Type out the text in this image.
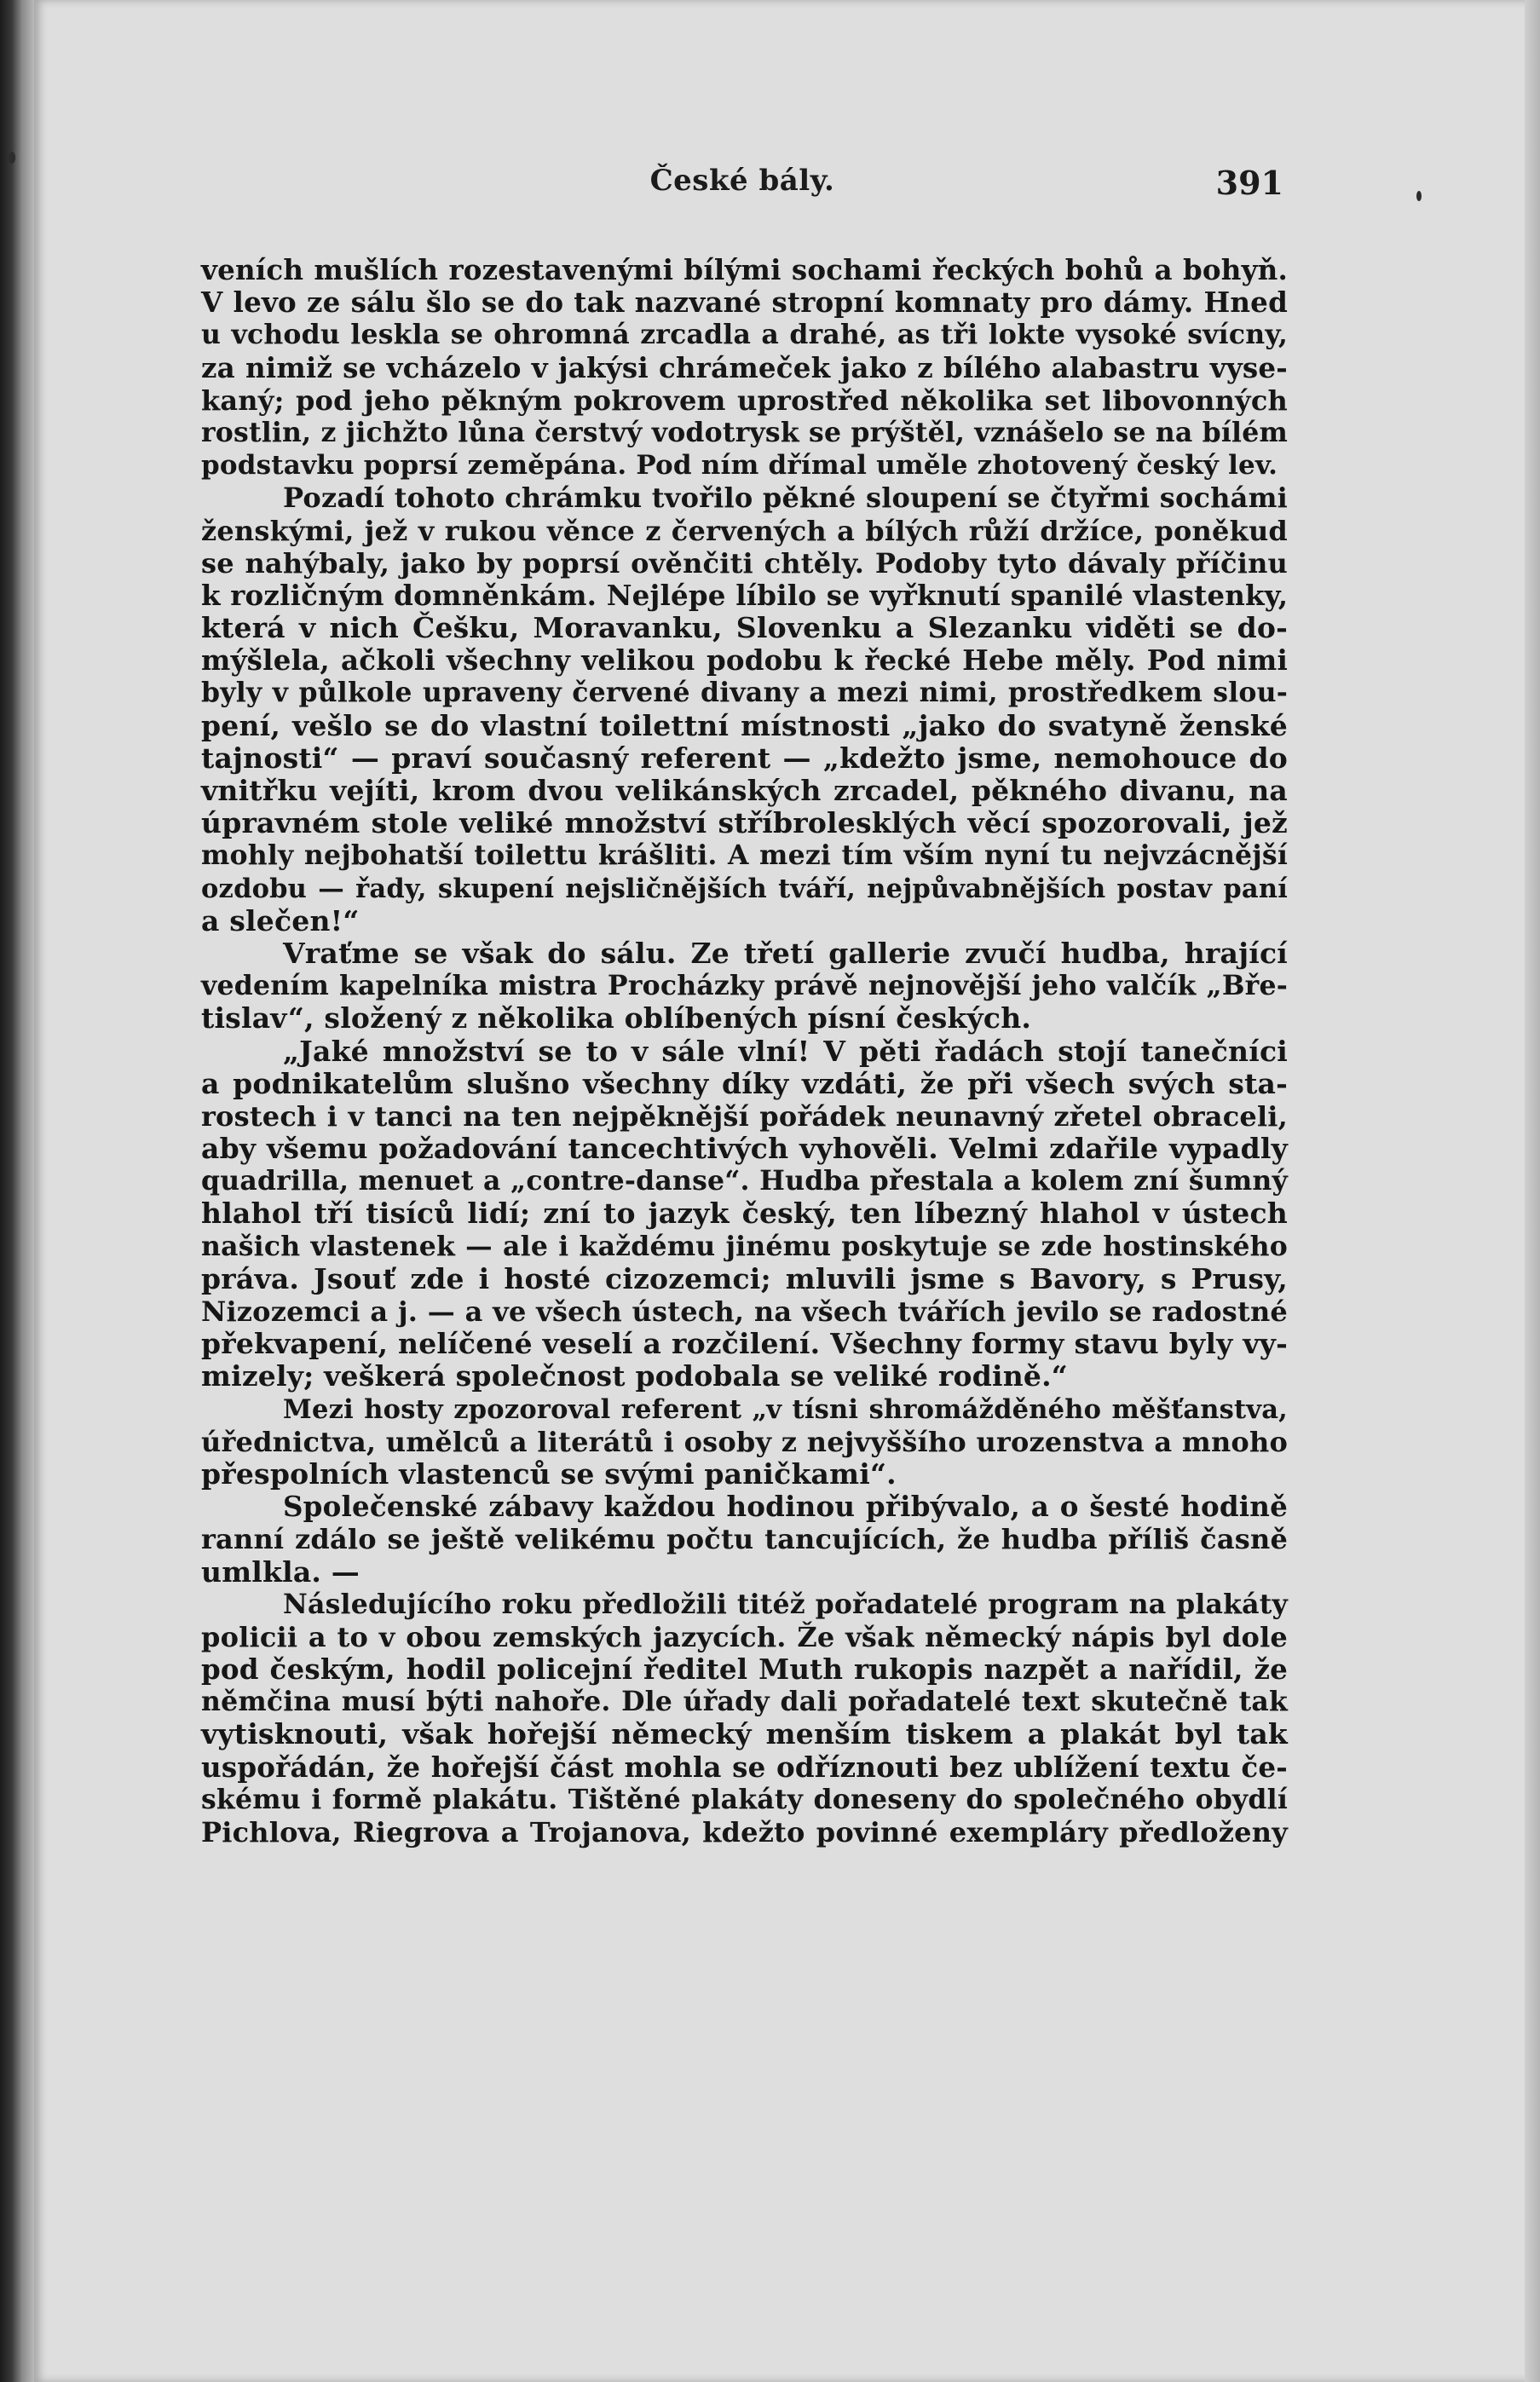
České bály.	391
veních mušlích rozestavenými bílými sochami řeckých bohů a bohyň.
V levo ze sálu šlo se do tak nazvané stropní komnaty pro dámy. Hned
u vchodu leskla se ohromná zrcadla a drahé, as tři lokte vysoké svícny,
za nimiž se vcházelo v jakýsi chrámeček jako z bílého alabastru vyse-
kaný; pod jeho pěkným pokrovem uprostřed několika set libovonných
rostlin, z jichžto lůna čerstvý vodotrysk se prýštěl, vznášelo se na bílém
podstavku poprsí zeměpána. Pod ním dřímal uměle zhotovený český lev.
Pozadí tohoto chrámku tvořilo pěkné sloupení se čtyřmi sochámi
ženskými, jež v rukou věnce z červených a bílých růží držíce, poněkud
se nahýbaly, jako by poprsí ověnčiti chtěly. Podoby tyto dávaly příčinu
k rozličným domněnkám. Nejlépe líbilo se vyřknutí spanilé vlastenky,
která v nich Češku, Moravanku, Slovenku a Slezanku viděti se do-
mýšlela, ačkoli všechny velikou podobu k řecké Hebe měly. Pod nimi
byly v půlkole upraveny červené divany a mezi nimi, prostředkem slou-
pení, vešlo se do vlastní toilettní místnosti „jako do svatyně ženské
tajnosti“ — praví současný referent — „kdežto jsme, nemohouce do
vnitřku vejíti, krom dvou velikánských zrcadel, pěkného divanu, na
úpravném stole veliké množství stříbrolesklých věcí spozorovali, jež
mohly nejbohatší toilettu krášliti. A mezi tím vším nyní tu nejvzácnější
ozdobu — řady, skupení nejsličnějších tváří, nejpůvabnějších postav paní
a slečen!“
Vraťme se však do sálu. Ze třetí gallerie zvučí hudba, hrající
vedením kapelníka mistra Procházky právě nejnovější jeho valčík „Bře-
tislav“, složený z několika oblíbených písní českých.
„Jaké množství se to v sále vlní! V pěti řadách stojí tanečníci
a podnikatelům slušno všechny díky vzdáti, že při všech svých sta-
rostech i v tanci na ten nejpěknější pořádek neunavný zřetel obraceli,
aby všemu požadování tancechtivých vyhověli. Velmi zdařile vypadly
quadrilla, menuet a „contre-danse“. Hudba přestala a kolem zní šumný
hlahol tří tisíců lidí; zní to jazyk český, ten líbezný hlahol v ústech
našich vlastenek — ale i každému jinému poskytuje se zde hostinského
práva. Jsouť zde i hosté cizozemci; mluvili jsme s Bavory, s Prusy,
Nizozemci a j. — a ve všech ústech, na všech tvářích jevilo se radostné
překvapení, nelíčené veselí a rozčilení. Všechny formy stavu byly vy-
mizely; veškerá společnost podobala se veliké rodině.“
Mezi hosty zpozoroval referent „v tísni shromážděného měšťanstva,
úřednictva, umělců a literátů i osoby z nejvyššího urozenstva a mnoho
přespolních vlastenců se svými paničkami“.
Společenské zábavy každou hodinou přibývalo, a o šesté hodině
ranní zdálo se ještě velikému počtu tancujících, že hudba příliš časně
umlkla. —
Následujícího roku předložili titéž pořadatelé program na plakáty
policii a to v obou zemských jazycích. Že však německý nápis byl dole
pod českým, hodil policejní ředitel Muth rukopis nazpět a nařídil, že
němčina musí býti nahoře. Dle úřady dali pořadatelé text skutečně tak
vytisknouti, však hořejší německý menším tiskem a plakát byl tak
uspořádán, že hořejší část mohla se odříznouti bez ublížení textu če-
skému i formě plakátu. Tištěné plakáty doneseny do společného obydlí
Pichlova, Riegrova a Trojanova, kdežto povinné exempláry předloženy
